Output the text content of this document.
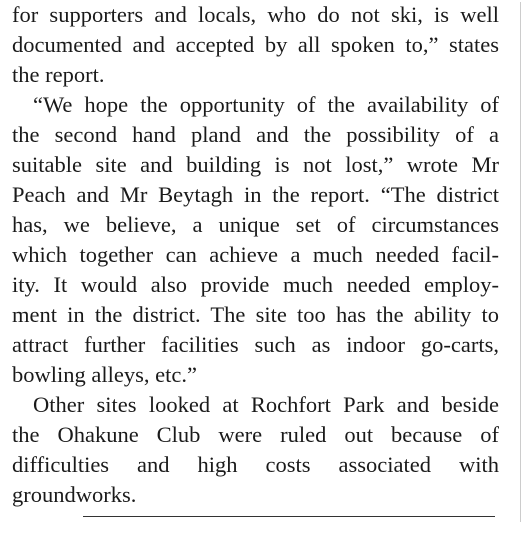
for supporters and locals, who do not ski, is well
documented and accepted by all spoken to,” states
the report.
“We hope the opportunity of the availability of
the second hand pland and the possibility of a
suitable site and building is not lost,” wrote Mr
Peach and Mr Beytagh in the report. “The district
has, we believe, a unique set of circumstances
which together can achieve a much needed facil-
ity. It would also provide much needed employ-
ment in the district. The site too has the ability to
attract further facilities such as indoor go-carts,
bowling alleys, etc.”
Other sites looked at Rochfort Park and beside
the Ohakune Club were ruled out because of
difficulties and high costs associated with
groundworks.
